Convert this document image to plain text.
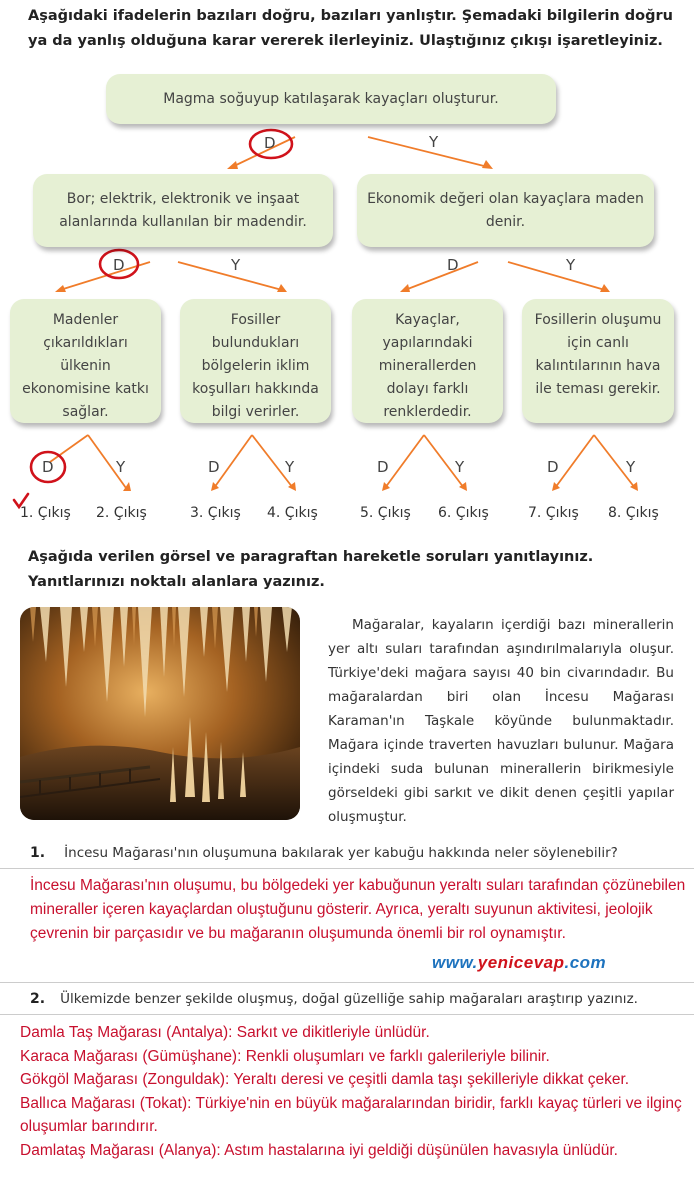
Aşağıdaki ifadelerin bazıları doğru, bazıları yanlıştır. Şemadaki bilgilerin doğru ya da yanlış olduğuna karar vererek ilerleyiniz. Ulaştığınız çıkışı işaretleyiniz.
Magma soğuyup katılaşarak kayaçları oluşturur.
Bor; elektrik, elektronik ve inşaat alanlarında kullanılan bir madendir.
Ekonomik değeri olan kayaçlara maden denir.
Madenler çıkarıldıkları ülkenin ekonomisine katkı sağlar.
Fosiller bulundukları bölgelerin iklim koşulları hakkında bilgi verirler.
Kayaçlar, yapılarındaki minerallerden dolayı farklı renklerdedir.
Fosillerin oluşumu için canlı kalıntılarının hava ile teması gerekir.
D	Y
D	Y	D	Y
D	Y	D	Y	D	Y	D	Y
1. Çıkış 2. Çıkış	3. Çıkış 4. Çıkış	5. Çıkış 6. Çıkış	7. Çıkış 8. Çıkış
Aşağıda verilen görsel ve paragraftan hareketle soruları yanıtlayınız. Yanıtlarınızı noktalı alanlara yazınız.
Mağaralar, kayaların içerdiği bazı minerallerin yer altı suları tarafından aşındırılmalarıyla oluşur. Türkiye'deki mağara sayısı 40 bin civarındadır. Bu mağaralardan biri olan İncesu Mağarası Karaman'ın Taşkale köyünde bulunmaktadır. Mağara içinde traverten havuzları bulunur. Mağara içindeki suda bulunan minerallerin birikmesiyle görseldeki gibi sarkıt ve dikit denen çeşitli yapılar oluşmuştur.
1. İncesu Mağarası'nın oluşumuna bakılarak yer kabuğu hakkında neler söylenebilir?
İncesu Mağarası'nın oluşumu, bu bölgedeki yer kabuğunun yeraltı suları tarafından çözünebilen mineraller içeren kayaçlardan oluştuğunu gösterir. Ayrıca, yeraltı suyunun aktivitesi, jeolojik çevrenin bir parçasıdır ve bu mağaranın oluşumunda önemli bir rol oynamıştır.
www.yenicevap.com
2. Ülkemizde benzer şekilde oluşmuş, doğal güzelliğe sahip mağaraları araştırıp yazınız.
Damla Taş Mağarası (Antalya): Sarkıt ve dikitleriyle ünlüdür.
Karaca Mağarası (Gümüşhane): Renkli oluşumları ve farklı galerileriyle bilinir.
Gökgöl Mağarası (Zonguldak): Yeraltı deresi ve çeşitli damla taşı şekilleriyle dikkat çeker.
Ballıca Mağarası (Tokat): Türkiye'nin en büyük mağaralarından biridir, farklı kayaç türleri ve ilginç oluşumlar barındırır.
Damlataş Mağarası (Alanya): Astım hastalarına iyi geldiği düşünülen havasıyla ünlüdür.
